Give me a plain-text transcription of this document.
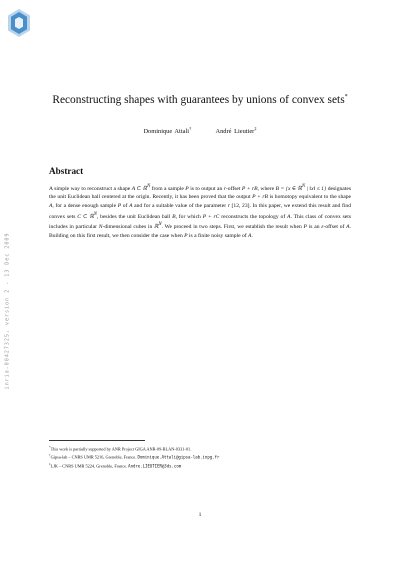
inria-00427325, version 2 - 13 Dec 2009
Reconstructing shapes with guarantees by unions of convex sets*
Dominique Attali†	André Lieutier‡
Abstract

A simple way to reconstruct a shape A ⊂ ℝ$^N$ from a sample P is to output an r-offset P + rB, where B = {x ∈ ℝ$^N$ | ‖x‖ ≤ 1} designates the unit Euclidean ball centered at the origin. Recently, it has been proved that the output P + rB is homotopy equivalent to the shape A, for a dense enough sample P of A and for a suitable value of the parameter r [12, 23]. In this paper, we extend this result and find convex sets C ⊂ ℝ$^N$, besides the unit Euclidean ball B, for which P + rC reconstructs the topology of A. This class of convex sets includes in particular N-dimensional cubes in ℝ$^N$. We proceed in two steps. First, we establish the result when P is an ε-offset of A. Building on this first result, we then consider the case when P is a finite noisy sample of A.

*This work is partially supported by ANR Project GIGA ANR-09-BLAN-0331-01.
†Gipsa-lab – CNRS UMR 5216, Grenoble, France. Dominique.Attali@gipsa-lab.inpg.fr
‡LJK – CNRS UMR 5224, Grenoble, France. Andre.LIEUTIER@3ds.com
1
